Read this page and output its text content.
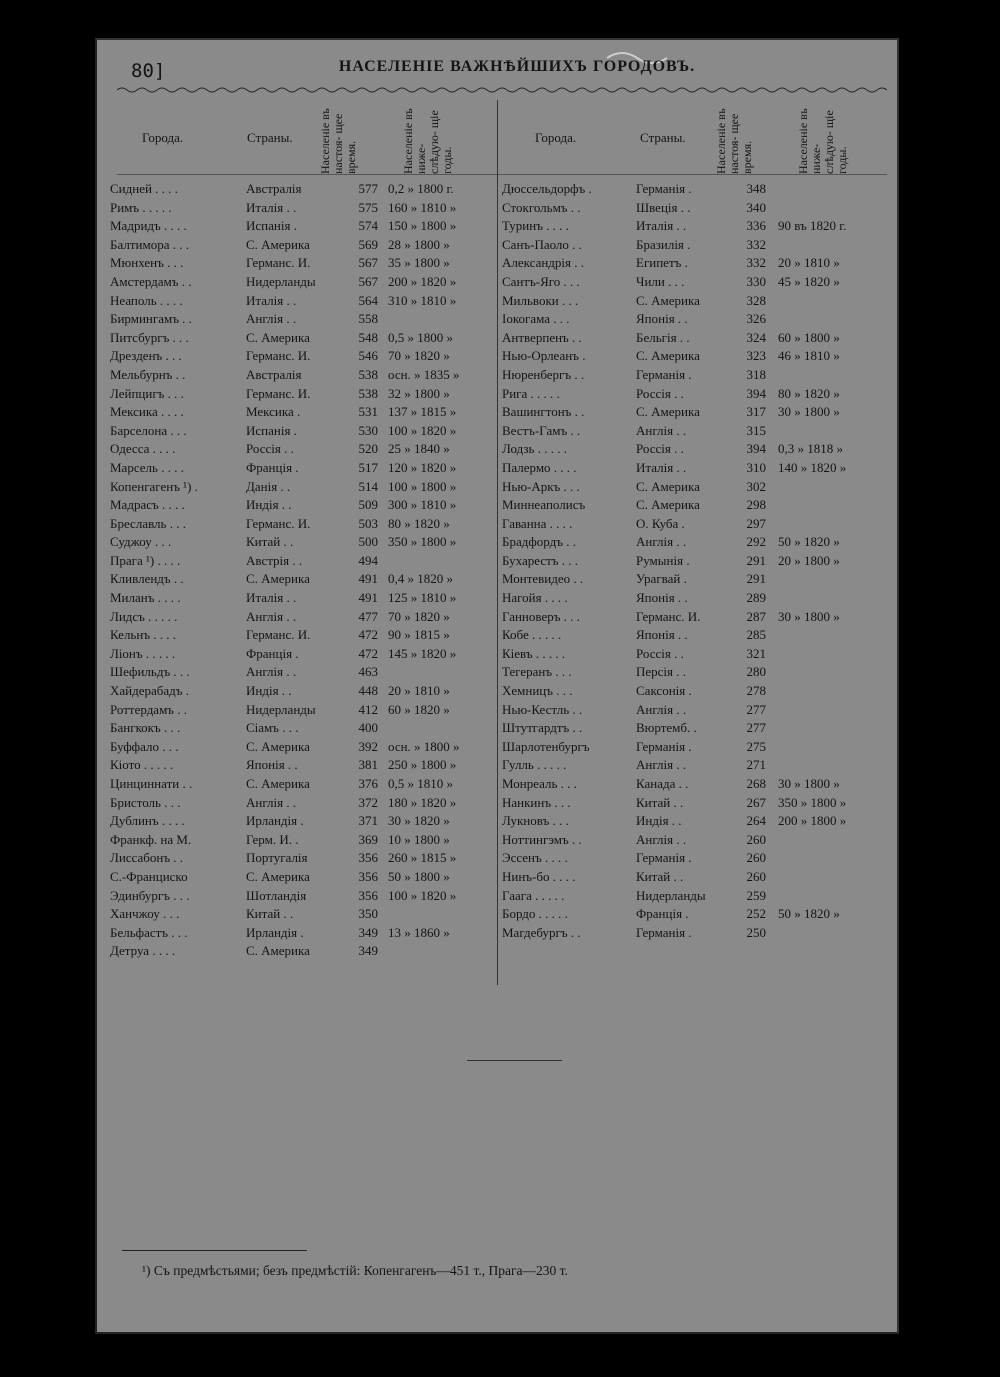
80]	НАСЕЛЕНІЕ ВАЖНѢЙШИХЪ ГОРОДОВЪ.
Города.	Страны. Населеніе въ настоя- щее время.	Населеніе въ ниже- слѣдую- щіе годы.
Города.	Страны. Населеніе въ настоя- щее время.	Населеніе въ ниже- слѣдую- щіе годы.
Сидней . . . .	Австралія	577	0,2 » 1800 г.
Римъ . . . . .	Италія . .	575	160 » 1810 »
Мадридъ . . . .	Испанія .	574	150 » 1800 »
Балтимора . . .	С. Америка	569	28 » 1800 »
Мюнхенъ . . .	Германс. И.	567	35 » 1800 »
Амстердамъ . .	Нидерланды	567	200 » 1820 »
Неаполь . . . .	Италія . .	564	310 » 1810 »
Бирмингамъ . .	Англія . .	558	
Питсбургъ . . .	С. Америка	548	0,5 » 1800 »
Дрезденъ . . .	Германс. И.	546	70 » 1820 »
Мельбурнъ . .	Австралія	538	осн. » 1835 »
Лейпцигъ . . .	Германс. И.	538	32 » 1800 »
Мексика . . . .	Мексика .	531	137 » 1815 »
Барселона . . .	Испанія .	530	100 » 1820 »
Одесса . . . .	Россія . .	520	25 » 1840 »
Марсель . . . .	Франція .	517	120 » 1820 »
Копенгагенъ ¹) .	Данія . .	514	100 » 1800 »
Мадрасъ . . . .	Индія . .	509	300 » 1810 »
Бреславль . . .	Германс. И.	503	80 » 1820 »
Суджоу . . .	Китай . .	500	350 » 1800 »
Прага ¹) . . . .	Австрія . .	494	
Кливлендъ . .	С. Америка	491	0,4 » 1820 »
Миланъ . . . .	Италія . .	491	125 » 1810 »
Лидсъ . . . . .	Англія . .	477	70 » 1820 »
Кельнъ . . . .	Германс. И.	472	90 » 1815 »
Ліонъ . . . . .	Франція .	472	145 » 1820 »
Шефильдъ . . .	Англія . .	463	
Хайдерабадъ .	Индія . .	448	20 » 1810 »
Роттердамъ . .	Нидерланды	412	60 » 1820 »
Бангкокъ . . .	Сіамъ . . .	400	
Буффало . . .	С. Америка	392	осн. » 1800 »
Кіото . . . . .	Японія . .	381	250 » 1800 »
Цинциннати . .	С. Америка	376	0,5 » 1810 »
Бристоль . . .	Англія . .	372	180 » 1820 »
Дублинъ . . . .	Ирландія .	371	30 » 1820 »
Франкф. на М.	Герм. И. .	369	10 » 1800 »
Лиссабонъ . .	Португалія	356	260 » 1815 »
С.-Франциско	С. Америка	356	50 » 1800 »
Эдинбургъ . . .	Шотландія	356	100 » 1820 »
Ханчжоу . . .	Китай . .	350	
Бельфастъ . . .	Ирландія .	349	13 » 1860 »
Детруа . . . .	С. Америка	349	
Дюссельдорфъ .	Германія .	348	
Стокгольмъ . .	Швеція . .	340	
Туринъ . . . .	Италія . .	336	90 въ 1820 г.
Санъ-Паоло . .	Бразилія .	332	
Александрія . .	Египетъ .	332	20 » 1810 »
Сантъ-Яго . . .	Чили . . .	330	45 » 1820 »
Мильвоки . . .	С. Америка	328	
Іокогама . . .	Японія . .	326	
Антверпенъ . .	Бельгія . .	324	60 » 1800 »
Нью-Орлеанъ .	С. Америка	323	46 » 1810 »
Нюренбергъ . .	Германія .	318	
Рига . . . . .	Россія . .	394	80 » 1820 »
Вашингтонъ . .	С. Америка	317	30 » 1800 »
Вестъ-Гамъ . .	Англія . .	315	
Лодзь . . . . .	Россія . .	394	0,3 » 1818 »
Палермо . . . .	Италія . .	310	140 » 1820 »
Нью-Аркъ . . .	С. Америка	302	
Миннеаполисъ	С. Америка	298	
Гаванна . . . .	О. Куба .	297	
Брадфордъ . .	Англія . .	292	50 » 1820 »
Бухарестъ . . .	Румынія .	291	20 » 1800 »
Монтевидео . .	Урагвай .	291	
Нагойя . . . .	Японія . .	289	
Ганноверъ . . .	Германс. И.	287	30 » 1800 »
Кобе . . . . .	Японія . .	285	
Кіевъ . . . . .	Россія . .	321	
Тегеранъ . . .	Персія . .	280	
Хемницъ . . .	Саксонія .	278	
Нью-Кестль . .	Англія . .	277	
Штутгардтъ . .	Вюртемб. .	277	
Шарлотенбургъ	Германія .	275	
Гулль . . . . .	Англія . .	271	
Монреаль . . .	Канада . .	268	30 » 1800 »
Нанкинъ . . .	Китай . .	267	350 » 1800 »
Лукновъ . . .	Индія . .	264	200 » 1800 »
Ноттингэмъ . .	Англія . .	260	
Эссенъ . . . .	Германія .	260	
Нинъ-бо . . . .	Китай . .	260	
Гаага . . . . .	Нидерланды	259	
Бордо . . . . .	Франція .	252	50 » 1820 »
Магдебургъ . .	Германія .	250	
¹) Съ предмѣстьями; безъ предмѣстій: Копенгагенъ—451 т., Прага—230 т.
